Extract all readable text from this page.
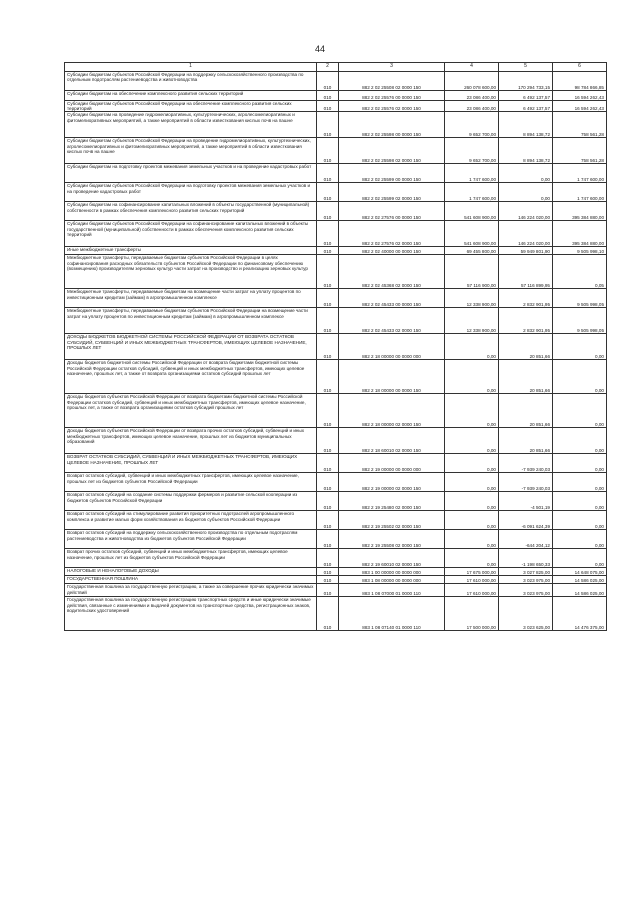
44
1	2	3	4	5	6
Субсидии бюджетам субъектов Российской Федерации на поддержку сельскохозяйственного производства по отдельным подотраслям растениеводства и животноводства	010	882 2 02 25508 02 0000 150	260 078 600,00	170 294 733,15	98 784 866,85
Субсидии бюджетам на обеспечение комплексного развития сельских территорий	010	882 2 02 25576 00 0000 150	23 086 400,00	6 492 137,57	16 594 262,43
Субсидии бюджетам субъектов Российской Федерации на обеспечение комплексного развития сельских территорий	010	882 2 02 25576 02 0000 150	23 086 400,00	6 492 137,57	16 594 262,43
Субсидии бюджетам на проведение гидромелиоративных, культуртехнических, агролесомелиоративных и фитомелиоративных мероприятий, а также мероприятий в области известкования кислых почв на пашне	010	882 2 02 25598 00 0000 150	9 652 700,00	8 894 138,72	758 561,28
Субсидии бюджетам субъектов Российской Федерации на проведение гидромелиоративных, культуртехнических, агролесомелиоративных и фитомелиоративных мероприятий, а также мероприятий в области известкования кислых почв на пашне	010	882 2 02 25598 02 0000 150	9 652 700,00	8 894 138,72	758 561,28
Субсидии бюджетам на подготовку проектов межевания земельных участков и на проведение кадастровых работ	010	882 2 02 25599 00 0000 150	1 747 600,00	0,00	1 747 600,00
Субсидии бюджетам субъектов Российской Федерации на подготовку проектов межевания земельных участков и на проведение кадастровых работ	010	882 2 02 25599 02 0000 150	1 747 600,00	0,00	1 747 600,00
Субсидии бюджетам на софинансирование капитальных вложений в объекты государственной (муниципальной) собственности в рамках обеспечения комплексного развития сельских территорий	010	882 2 02 27576 00 0000 150	541 608 900,00	146 224 020,00	395 384 880,00
Субсидии бюджетам субъектов Российской Федерации на софинансирование капитальных вложений в объекты государственной (муниципальной) собственности в рамках обеспечения комплексного развития сельских территорий	010	882 2 02 27576 02 0000 150	541 608 900,00	146 224 020,00	395 384 880,00
Иные межбюджетные трансферты	010	882 2 02 40000 00 0000 150	69 455 800,00	59 949 801,90	9 505 998,10
Межбюджетные трансферты, передаваемые бюджетам субъектов Российской Федерации в целях софинансирования расходных обязательств субъектов Российской Федерации по финансовому обеспечению (возмещению) производителям зерновых культур части затрат на производство и реализацию зерновых культур	010	882 2 02 45368 02 0000 150	57 116 900,00	57 116 899,95	0,05
Межбюджетные трансферты, передаваемые бюджетам на возмещение части затрат на уплату процентов по инвестиционным кредитам (займам) в агропромышленном комплексе	010	882 2 02 45433 00 0000 150	12 338 900,00	2 832 901,95	9 505 998,05
Межбюджетные трансферты, передаваемые бюджетам субъектов Российской Федерации на возмещение части затрат на уплату процентов по инвестиционным кредитам (займам) в агропромышленном комплексе	010	882 2 02 45433 02 0000 150	12 338 900,00	2 832 901,95	9 505 998,05
ДОХОДЫ БЮДЖЕТОВ БЮДЖЕТНОЙ СИСТЕМЫ РОССИЙСКОЙ ФЕДЕРАЦИИ ОТ ВОЗВРАТА ОСТАТКОВ СУБСИДИЙ, СУБВЕНЦИЙ И ИНЫХ МЕЖБЮДЖЕТНЫХ ТРАНСФЕРТОВ, ИМЕЮЩИХ ЦЕЛЕВОЕ НАЗНАЧЕНИЕ, ПРОШЛЫХ ЛЕТ	010	882 2 18 00000 00 0000 000	0,00	20 851,66	0,00
Доходы бюджетов бюджетной системы Российской Федерации от возврата бюджетами бюджетной системы Российской Федерации остатков субсидий, субвенций и иных межбюджетных трансфертов, имеющих целевое назначение, прошлых лет, а также от возврата организациями остатков субсидий прошлых лет	010	882 2 18 00000 00 0000 150	0,00	20 851,66	0,00
Доходы бюджетов субъектов Российской Федерации от возврата бюджетами бюджетной системы Российской Федерации остатков субсидий, субвенций и иных межбюджетных трансфертов, имеющих целевое назначение, прошлых лет, а также от возврата организациями остатков субсидий прошлых лет	010	882 2 18 00000 02 0000 150	0,00	20 851,66	0,00
Доходы бюджетов субъектов Российской Федерации от возврата прочих остатков субсидий, субвенций и иных межбюджетных трансфертов, имеющих целевое назначение, прошлых лет из бюджетов муниципальных образований	010	882 2 18 60010 02 0000 150	0,00	20 851,66	0,00
ВОЗВРАТ ОСТАТКОВ СУБСИДИЙ, СУБВЕНЦИЙ И ИНЫХ МЕЖБЮДЖЕТНЫХ ТРАНСФЕРТОВ, ИМЕЮЩИХ ЦЕЛЕВОЕ НАЗНАЧЕНИЕ, ПРОШЛЫХ ЛЕТ	010	882 2 19 00000 00 0000 000	0,00	-7 939 240,03	0,00
Возврат остатков субсидий, субвенций и иных межбюджетных трансфертов, имеющих целевое назначение, прошлых лет из бюджетов субъектов Российской Федерации	010	882 2 19 00000 02 0000 150	0,00	-7 939 240,03	0,00
Возврат остатков субсидий на создание системы поддержки фермеров и развитие сельской кооперации из бюджетов субъектов Российской Федерации	010	882 2 19 25480 02 0000 150	0,00	-4 501,19	0,00
Возврат остатков субсидий на стимулирование развития приоритетных подотраслей агропромышленного комплекса и развитие малых форм хозяйствования из бюджетов субъектов Российской Федерации	010	882 2 19 25502 02 0000 150	0,00	-6 091 624,39	0,00
Возврат остатков субсидий на поддержку сельскохозяйственного производства по отдельным подотраслям растениеводства и животноводства из бюджетов субъектов Российской Федерации	010	882 2 19 25508 02 0000 150	0,00	-644 204,12	0,00
Возврат прочих остатков субсидий, субвенций и иных межбюджетных трансфертов, имеющих целевое назначение, прошлых лет из бюджетов субъектов Российской Федерации	010	882 2 19 60010 02 0000 150	0,00	-1 198 650,33	0,00
НАЛОГОВЫЕ И НЕНАЛОГОВЫЕ ДОХОДЫ	010	883 1 00 00000 00 0000 000	17 675 000,00	3 027 825,00	14 648 075,00
ГОСУДАРСТВЕННАЯ ПОШЛИНА	010	883 1 08 00000 00 0000 000	17 610 000,00	3 023 975,00	14 586 025,00
Государственная пошлина за государственную регистрацию, а также за совершение прочих юридически значимых действий	010	883 1 08 07000 01 0000 110	17 610 000,00	3 023 975,00	14 586 025,00
Государственная пошлина за государственную регистрацию транспортных средств и иные юридически значимые действия, связанные с изменениями и выдачей документов на транспортные средства, регистрационных знаков, водительских удостоверений	010	883 1 08 07140 01 0000 110	17 500 000,00	3 023 625,00	14 476 375,00
